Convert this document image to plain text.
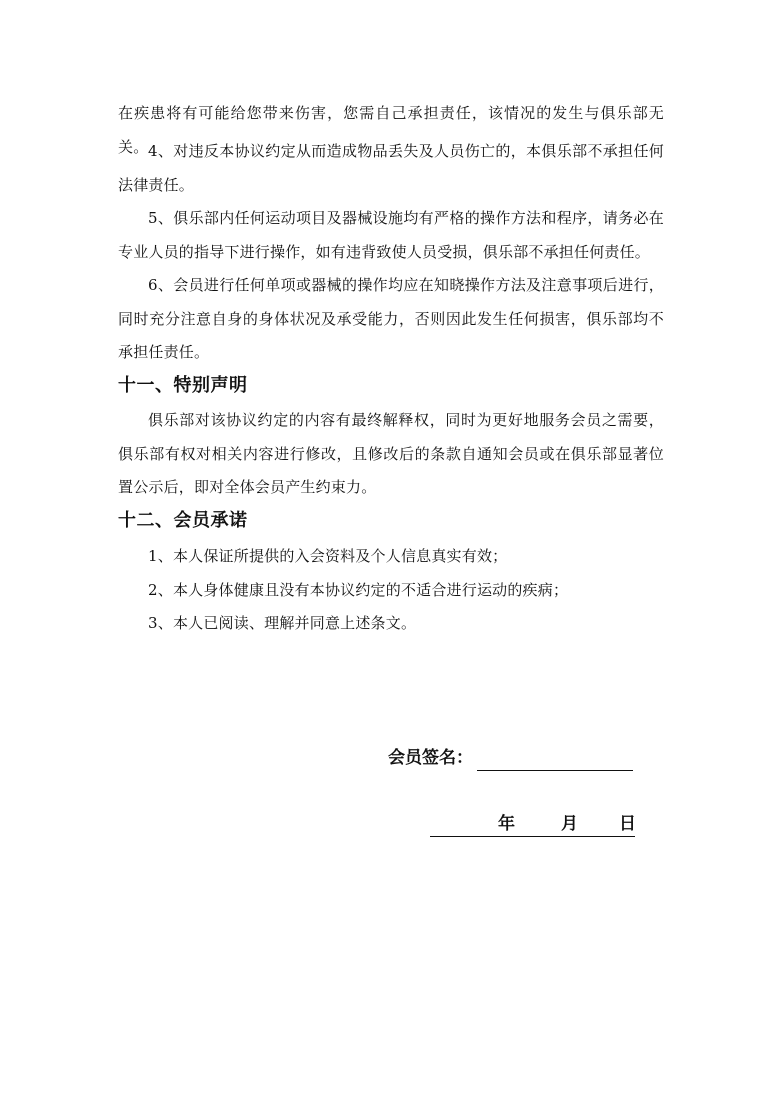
在疾患将有可能给您带来伤害，您需自己承担责任，该情况的发生与俱乐部无关。 4、对违反本协议约定从而造成物品丢失及人员伤亡的，本俱乐部不承担任何法律责任。

5、俱乐部内任何运动项目及器械设施均有严格的操作方法和程序，请务必在专业人员的指导下进行操作，如有违背致使人员受损，俱乐部不承担任何责任。

6、会员进行任何单项或器械的操作均应在知晓操作方法及注意事项后进行，同时充分注意自身的身体状况及承受能力，否则因此发生任何损害，俱乐部均不承担任责任。

十一、特别声明

俱乐部对该协议约定的内容有最终解释权，同时为更好地服务会员之需要，俱乐部有权对相关内容进行修改，且修改后的条款自通知会员或在俱乐部显著位置公示后，即对全体会员产生约束力。

十二、会员承诺

1、本人保证所提供的入会资料及个人信息真实有效；

2、本人身体健康且没有本协议约定的不适合进行运动的疾病；

3、本人已阅读、理解并同意上述条文。

会员签名：
年	月 日
